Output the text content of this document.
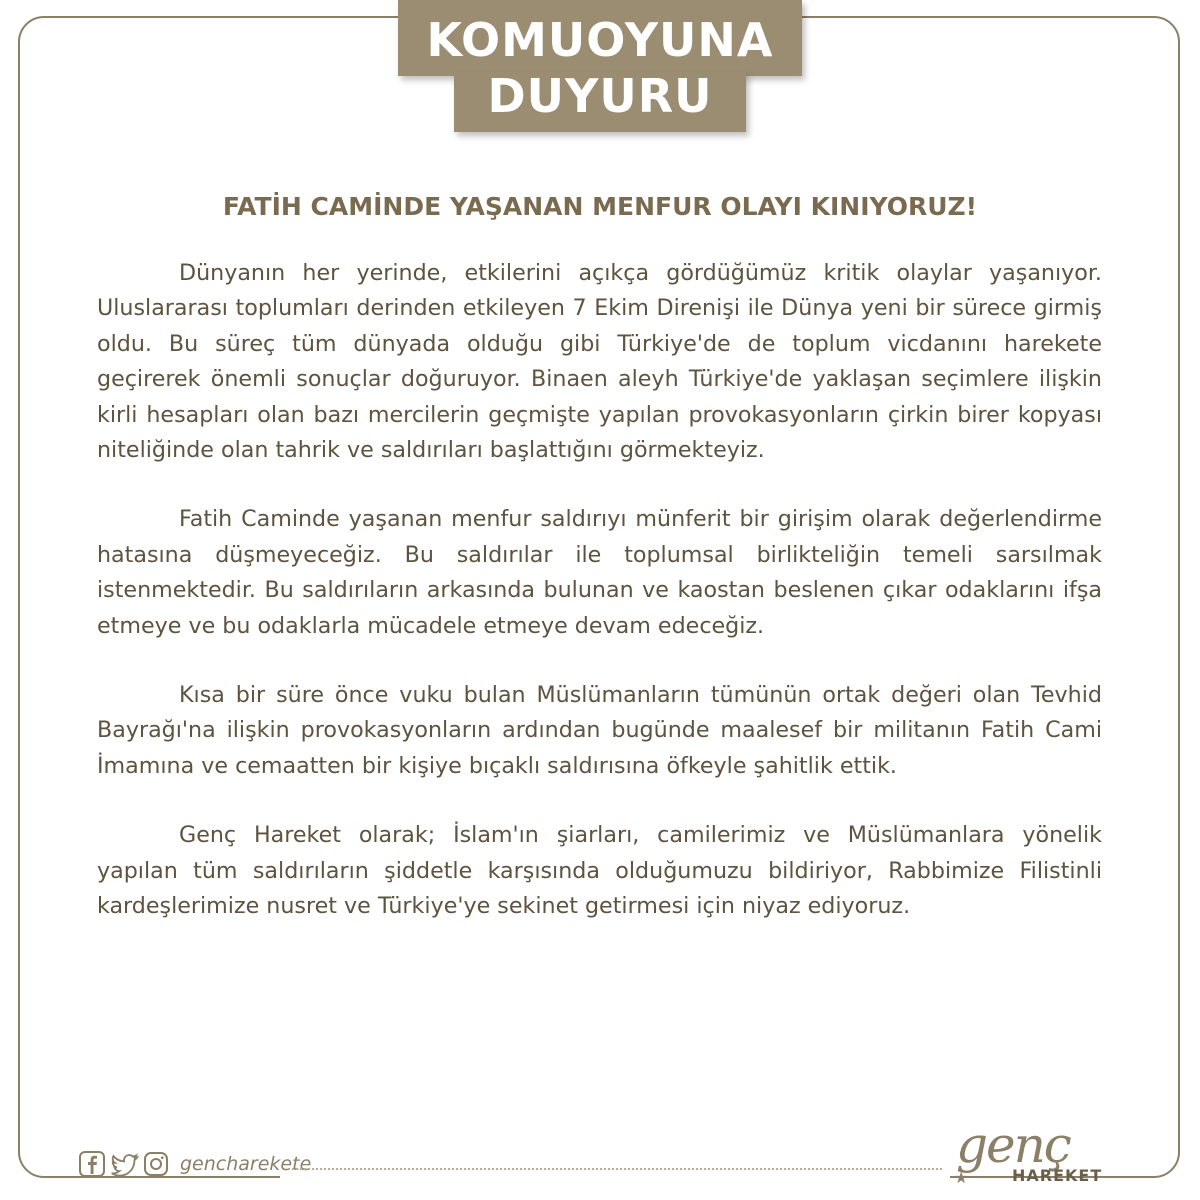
KOMUOYUNA
DUYURU
FATİH CAMİNDE YAŞANAN MENFUR OLAYI KINIYORUZ!

Dünyanın her yerinde, etkilerini açıkça gördüğümüz kritik olaylar yaşanıyor. Uluslararası toplumları derinden etkileyen 7 Ekim Direnişi ile Dünya yeni bir sürece girmiş oldu. Bu süreç tüm dünyada olduğu gibi Türkiye'de de toplum vicdanını harekete geçirerek önemli sonuçlar doğuruyor. Binaen aleyh Türkiye'de yaklaşan seçimlere ilişkin kirli hesapları olan bazı mercilerin geçmişte yapılan provokasyonların çirkin birer kopyası niteliğinde olan tahrik ve saldırıları başlattığını görmekteyiz.

Fatih Caminde yaşanan menfur saldırıyı münferit bir girişim olarak değerlendirme hatasına düşmeyeceğiz. Bu saldırılar ile toplumsal birlikteliğin temeli sarsılmak istenmektedir. Bu saldırıların arkasında bulunan ve kaostan beslenen çıkar odaklarını ifşa etmeye ve bu odaklarla mücadele etmeye devam edeceğiz.

Kısa bir süre önce vuku bulan Müslümanların tümünün ortak değeri olan Tevhid Bayrağı'na ilişkin provokasyonların ardından bugünde maalesef bir militanın Fatih Cami İmamına ve cemaatten bir kişiye bıçaklı saldırısına öfkeyle şahitlik ettik.

Genç Hareket olarak; İslam'ın şiarları, camilerimiz ve Müslümanlara yönelik yapılan tüm saldırıların şiddetle karşısında olduğumuzu bildiriyor, Rabbimize Filistinli kardeşlerimize nusret ve Türkiye'ye sekinet getirmesi için niyaz ediyoruz.

gencharekete	genç
★	HAREKET
